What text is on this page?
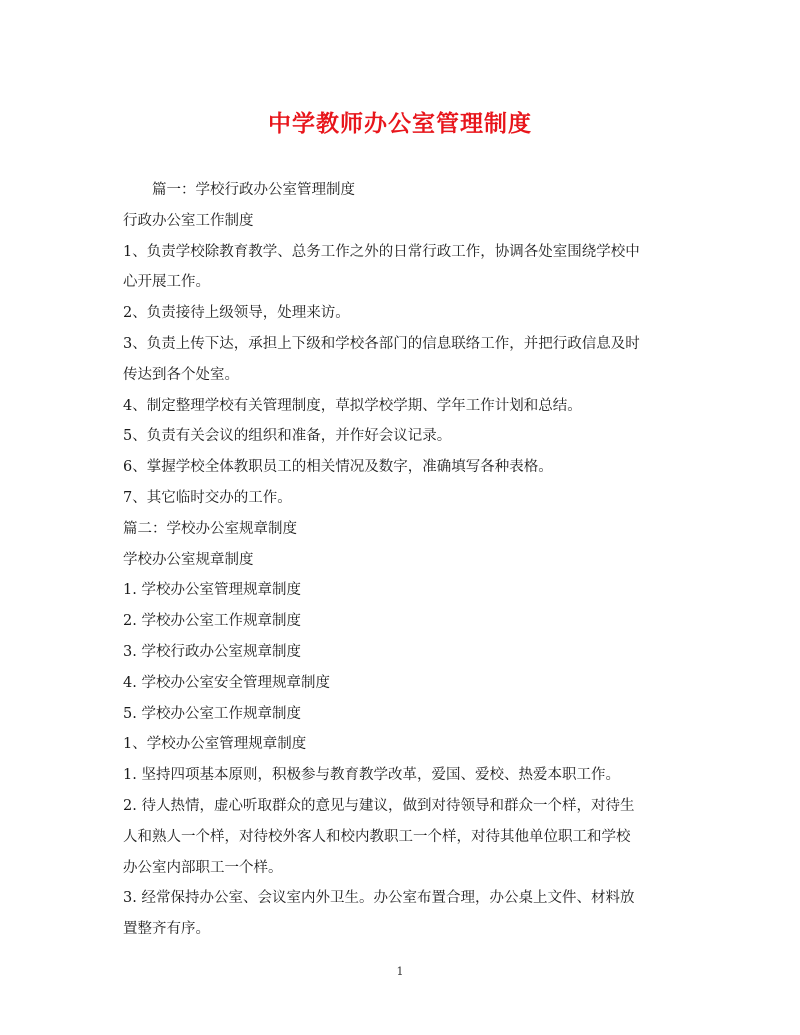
中学教师办公室管理制度

篇一：学校行政办公室管理制度

行政办公室工作制度

1、负责学校除教育教学、总务工作之外的日常行政工作，协调各处室围绕学校中

心开展工作。

2、负责接待上级领导，处理来访。

3、负责上传下达，承担上下级和学校各部门的信息联络工作，并把行政信息及时

传达到各个处室。

4、制定整理学校有关管理制度，草拟学校学期、学年工作计划和总结。

5、负责有关会议的组织和准备，并作好会议记录。

6、掌握学校全体教职员工的相关情况及数字，准确填写各种表格。

7、其它临时交办的工作。

篇二：学校办公室规章制度

学校办公室规章制度

1. 学校办公室管理规章制度

2. 学校办公室工作规章制度

3. 学校行政办公室规章制度

4. 学校办公室安全管理规章制度

5. 学校办公室工作规章制度

1、学校办公室管理规章制度

1. 坚持四项基本原则，积极参与教育教学改革，爱国、爱校、热爱本职工作。

2. 待人热情，虚心听取群众的意见与建议，做到对待领导和群众一个样，对待生

人和熟人一个样，对待校外客人和校内教职工一个样，对待其他单位职工和学校

办公室内部职工一个样。

3. 经常保持办公室、会议室内外卫生。办公室布置合理，办公桌上文件、材料放

置整齐有序。

1
